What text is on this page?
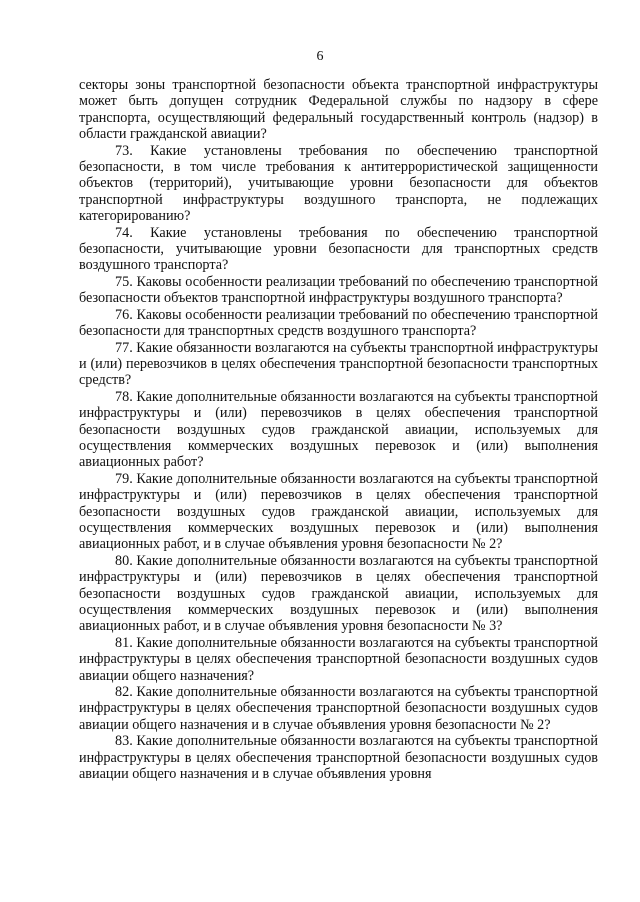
6

секторы зоны транспортной безопасности объекта транспортной инфраструктуры может быть допущен сотрудник Федеральной службы по надзору в сфере транспорта, осуществляющий федеральный государственный контроль (надзор) в области гражданской авиации?

73. Какие установлены требования по обеспечению транспортной безопасности, в том числе требования к антитеррористической защищенности объектов (территорий), учитывающие уровни безопасности для объектов транспортной инфраструктуры воздушного транспорта, не подлежащих категорированию?

74. Какие установлены требования по обеспечению транспортной безопасности, учитывающие уровни безопасности для транспортных средств воздушного транспорта?

75. Каковы особенности реализации требований по обеспечению транспортной безопасности объектов транспортной инфраструктуры воздушного транспорта?

76. Каковы особенности реализации требований по обеспечению транспортной безопасности для транспортных средств воздушного транспорта?

77. Какие обязанности возлагаются на субъекты транспортной инфраструктуры и (или) перевозчиков в целях обеспечения транспортной безопасности транспортных средств?

78. Какие дополнительные обязанности возлагаются на субъекты транспортной инфраструктуры и (или) перевозчиков в целях обеспечения транспортной безопасности воздушных судов гражданской авиации, используемых для осуществления коммерческих воздушных перевозок и (или) выполнения авиационных работ?

79. Какие дополнительные обязанности возлагаются на субъекты транспортной инфраструктуры и (или) перевозчиков в целях обеспечения транспортной безопасности воздушных судов гражданской авиации, используемых для осуществления коммерческих воздушных перевозок и (или) выполнения авиационных работ, и в случае объявления уровня безопасности № 2?

80. Какие дополнительные обязанности возлагаются на субъекты транспортной инфраструктуры и (или) перевозчиков в целях обеспечения транспортной безопасности воздушных судов гражданской авиации, используемых для осуществления коммерческих воздушных перевозок и (или) выполнения авиационных работ, и в случае объявления уровня безопасности № 3?

81. Какие дополнительные обязанности возлагаются на субъекты транспортной инфраструктуры в целях обеспечения транспортной безопасности воздушных судов авиации общего назначения?

82. Какие дополнительные обязанности возлагаются на субъекты транспортной инфраструктуры в целях обеспечения транспортной безопасности воздушных судов авиации общего назначения и в случае объявления уровня безопасности № 2?

83. Какие дополнительные обязанности возлагаются на субъекты транспортной инфраструктуры в целях обеспечения транспортной безопасности воздушных судов авиации общего назначения и в случае объявления уровня
